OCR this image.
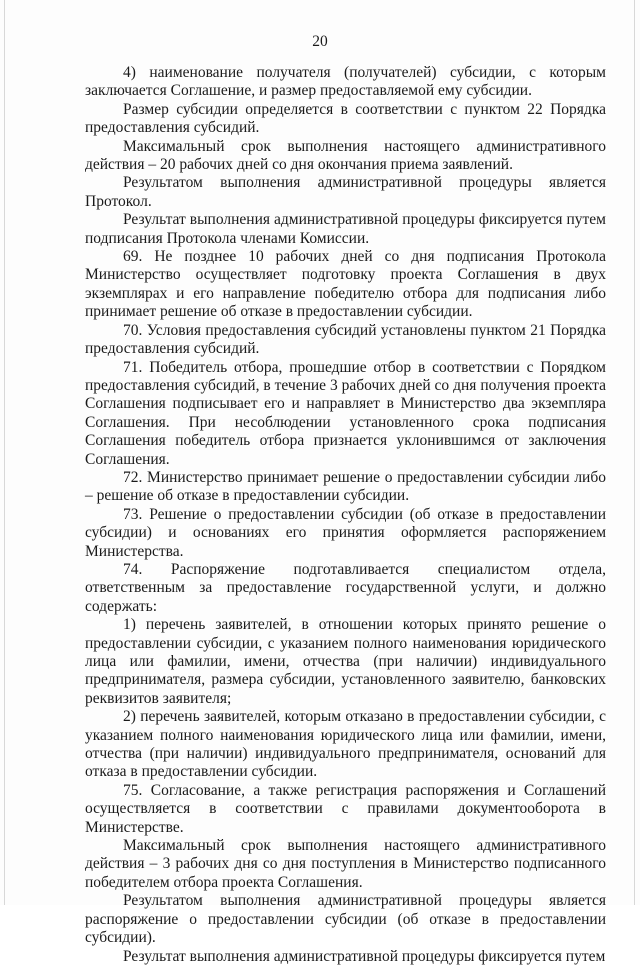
20

4) наименование получателя (получателей) субсидии, с которым заключается Соглашение, и размер предоставляемой ему субсидии.

Размер субсидии определяется в соответствии с пунктом 22 Порядка предоставления субсидий.

Максимальный срок выполнения настоящего административного действия – 20 рабочих дней со дня окончания приема заявлений.

Результатом выполнения административной процедуры является Протокол.

Результат выполнения административной процедуры фиксируется путем подписания Протокола членами Комиссии.

69. Не позднее 10 рабочих дней со дня подписания Протокола Министерство осуществляет подготовку проекта Соглашения в двух экземплярах и его направление победителю отбора для подписания либо принимает решение об отказе в предоставлении субсидии.

70. Условия предоставления субсидий установлены пунктом 21 Порядка предоставления субсидий.

71. Победитель отбора, прошедшие отбор в соответствии с Порядком предоставления субсидий, в течение 3 рабочих дней со дня получения проекта Соглашения подписывает его и направляет в Министерство два экземпляра Соглашения. При несоблюдении установленного срока подписания Соглашения победитель отбора признается уклонившимся от заключения Соглашения.

72. Министерство принимает решение о предоставлении субсидии либо – решение об отказе в предоставлении субсидии.

73. Решение о предоставлении субсидии (об отказе в предоставлении субсидии) и основаниях его принятия оформляется распоряжением Министерства.

74. Распоряжение подготавливается специалистом отдела, ответственным за предоставление государственной услуги, и должно содержать:

1) перечень заявителей, в отношении которых принято решение о предоставлении субсидии, с указанием полного наименования юридического лица или фамилии, имени, отчества (при наличии) индивидуального предпринимателя, размера субсидии, установленного заявителю, банковских реквизитов заявителя;

2) перечень заявителей, которым отказано в предоставлении субсидии, с указанием полного наименования юридического лица или фамилии, имени, отчества (при наличии) индивидуального предпринимателя, оснований для отказа в предоставлении субсидии.

75. Согласование, а также регистрация распоряжения и Соглашений осуществляется в соответствии с правилами документооборота в Министерстве.

Максимальный срок выполнения настоящего административного действия – 3 рабочих дня со дня поступления в Министерство подписанного победителем отбора проекта Соглашения.

Результатом выполнения административной процедуры является распоряжение о предоставлении субсидии (об отказе в предоставлении субсидии).

Результат выполнения административной процедуры фиксируется путем
